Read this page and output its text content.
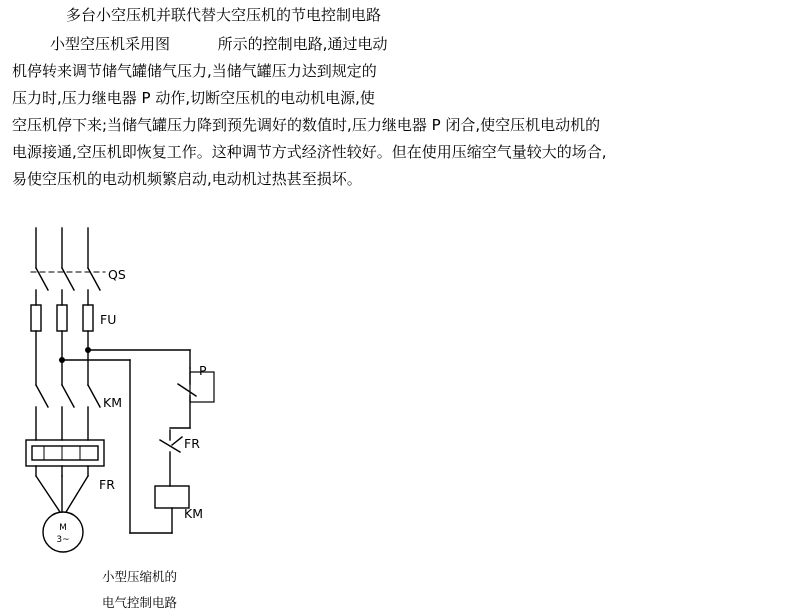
多台小空压机并联代替大空压机的节电控制电路
小型空压机采用图          所示的控制电路,通过电动
机停转来调节储气罐储气压力,当储气罐压力达到规定的
压力时,压力继电器 P 动作,切断空压机的电动机电源,使
空压机停下来;当储气罐压力降到预先调好的数值时,压力继电器 P 闭合,使空压机电动机的
电源接通,空压机即恢复工作。这种调节方式经济性较好。但在使用压缩空气量较大的场合,
易使空压机的电动机频繁启动,电动机过热甚至损坏。
M
3~
QS
FU
KM
FR
P
FR
KM
小型压缩机的
电气控制电路
